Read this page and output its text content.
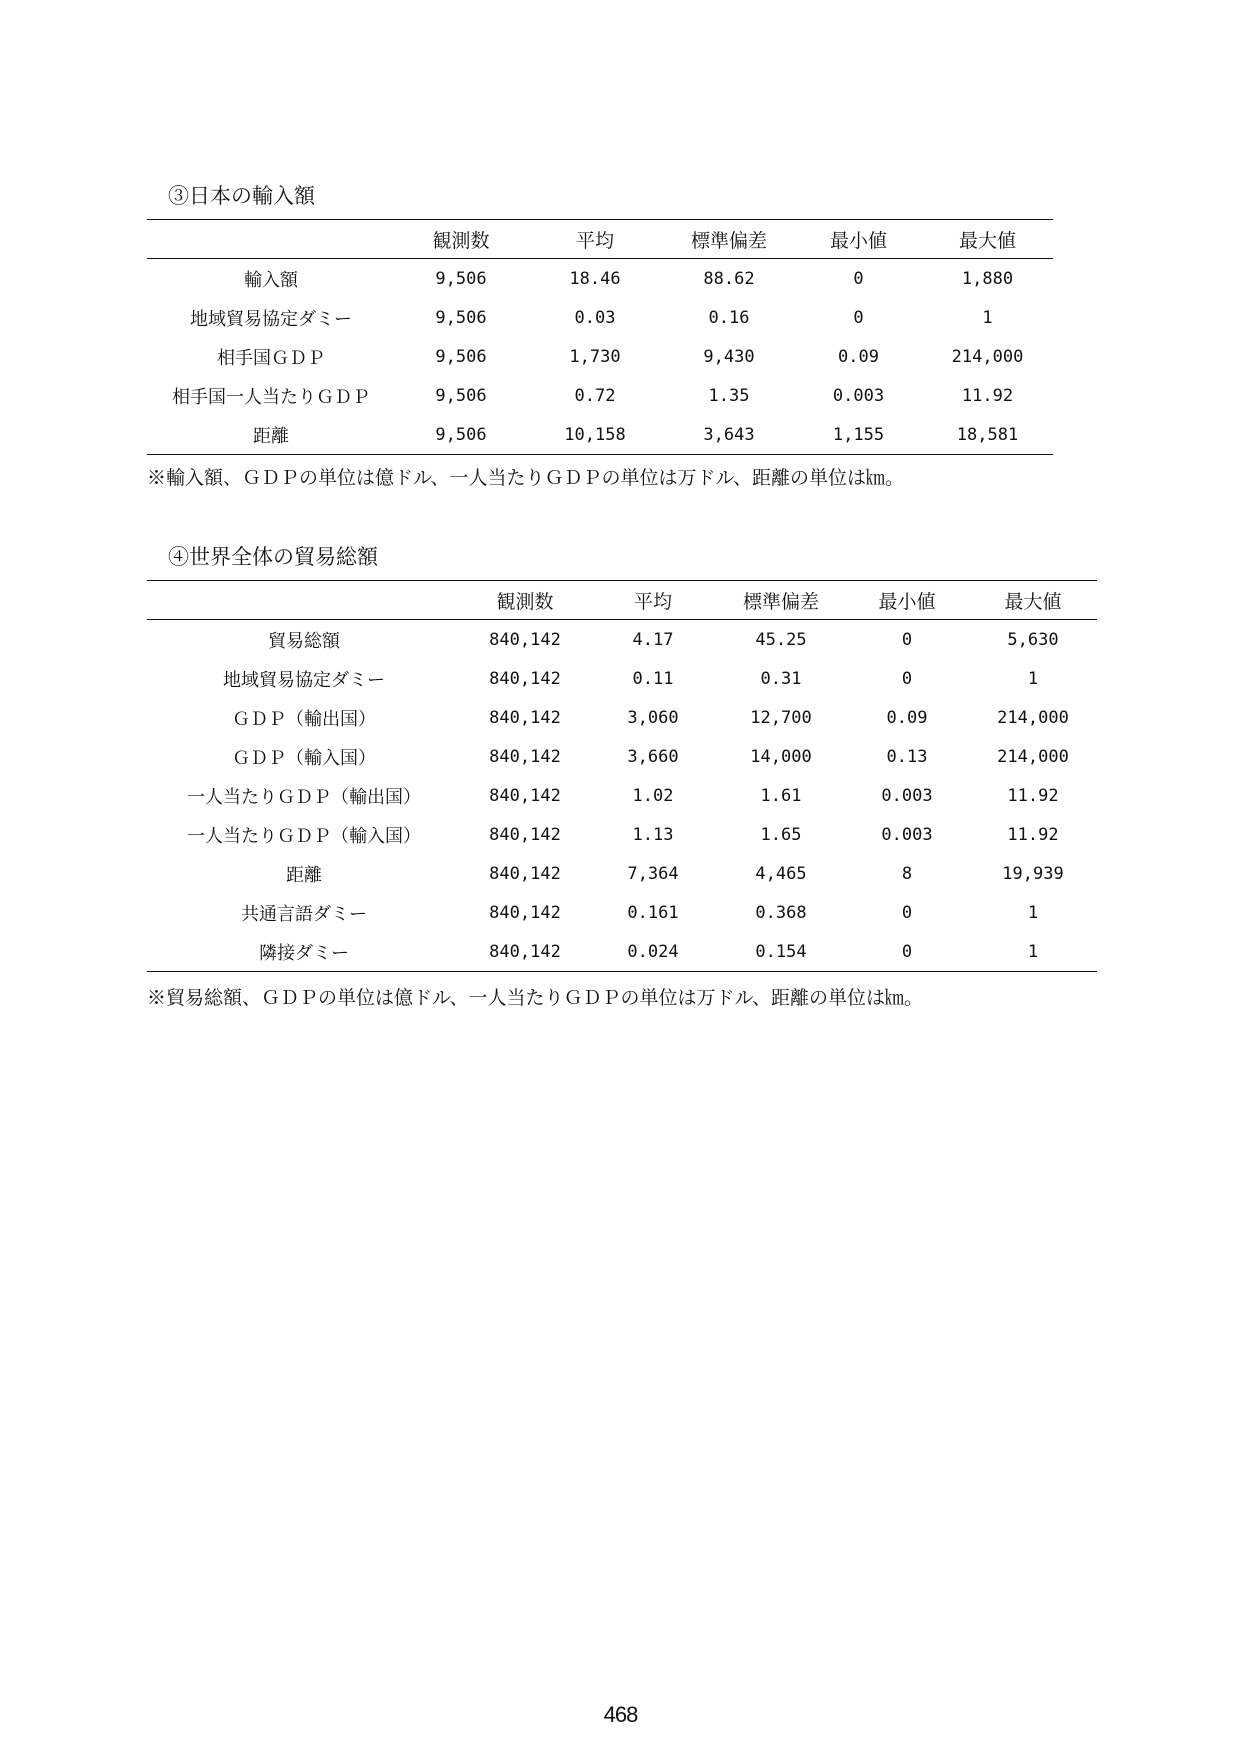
③日本の輸入額
	観測数	平均	標準偏差	最小値	最大値
輸入額	9,506	18.46	88.62	0	1,880
地域貿易協定ダミー	9,506	0.03	0.16	0	1
相手国ＧＤＰ	9,506	1,730	9,430	0.09	214,000
相手国一人当たりＧＤＰ	9,506	0.72	1.35	0.003	11.92
距離	9,506	10,158	3,643	1,155	18,581
※輸入額、ＧＤＰの単位は億ドル、一人当たりＧＤＰの単位は万ドル、距離の単位は㎞。
④世界全体の貿易総額
	観測数	平均	標準偏差	最小値	最大値
貿易総額	840,142	4.17	45.25	0	5,630
地域貿易協定ダミー	840,142	0.11	0.31	0	1
ＧＤＰ（輸出国）	840,142	3,060	12,700	0.09	214,000
ＧＤＰ（輸入国）	840,142	3,660	14,000	0.13	214,000
一人当たりＧＤＰ（輸出国）	840,142	1.02	1.61	0.003	11.92
一人当たりＧＤＰ（輸入国）	840,142	1.13	1.65	0.003	11.92
距離	840,142	7,364	4,465	8	19,939
共通言語ダミー	840,142	0.161	0.368	0	1
隣接ダミー	840,142	0.024	0.154	0	1
※貿易総額、ＧＤＰの単位は億ドル、一人当たりＧＤＰの単位は万ドル、距離の単位は㎞。
468
